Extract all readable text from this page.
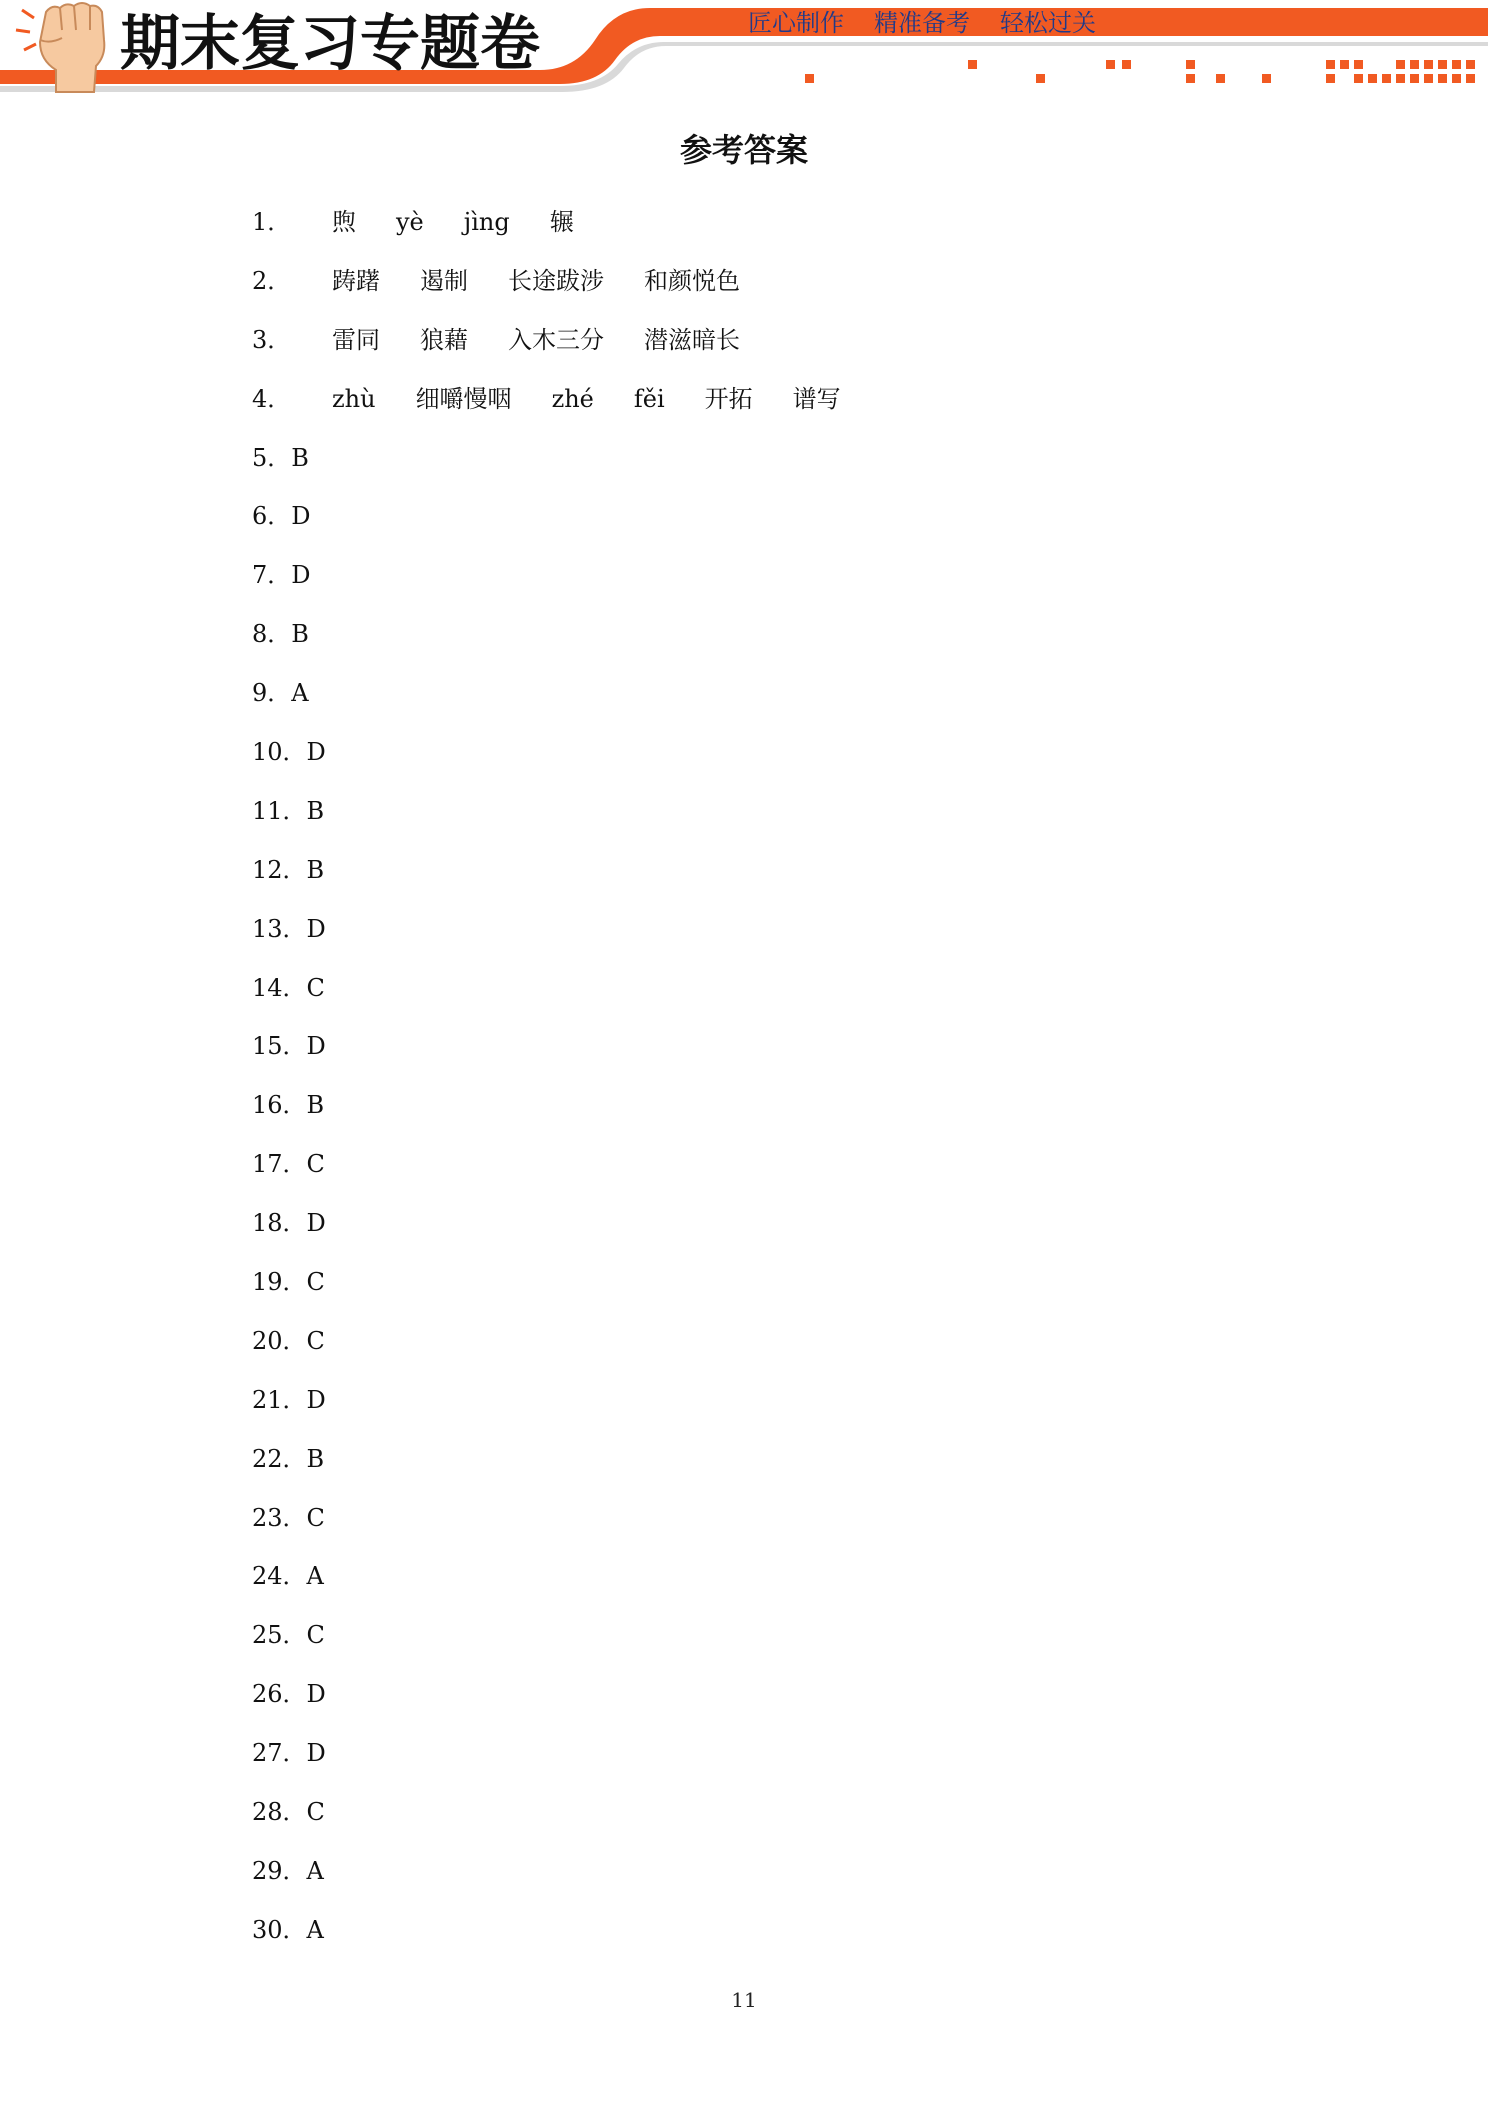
期末复习专题卷	匠心制作 精准备考 轻松过关
参考答案
1． 煦 yè jìng 辗
2． 踌躇 遏制 长途跋涉 和颜悦色
3． 雷同 狼藉 入木三分 潜滋暗长
4． zhù 细嚼慢咽 zhé fěi 开拓 谱写
5．B
6．D
7．D
8．B
9．A
10．D
11．B
12．B
13．D
14．C
15．D
16．B
17．C
18．D
19．C
20．C
21．D
22．B
23．C
24．A
25．C
26．D
27．D
28．C
29．A
30．A
11
